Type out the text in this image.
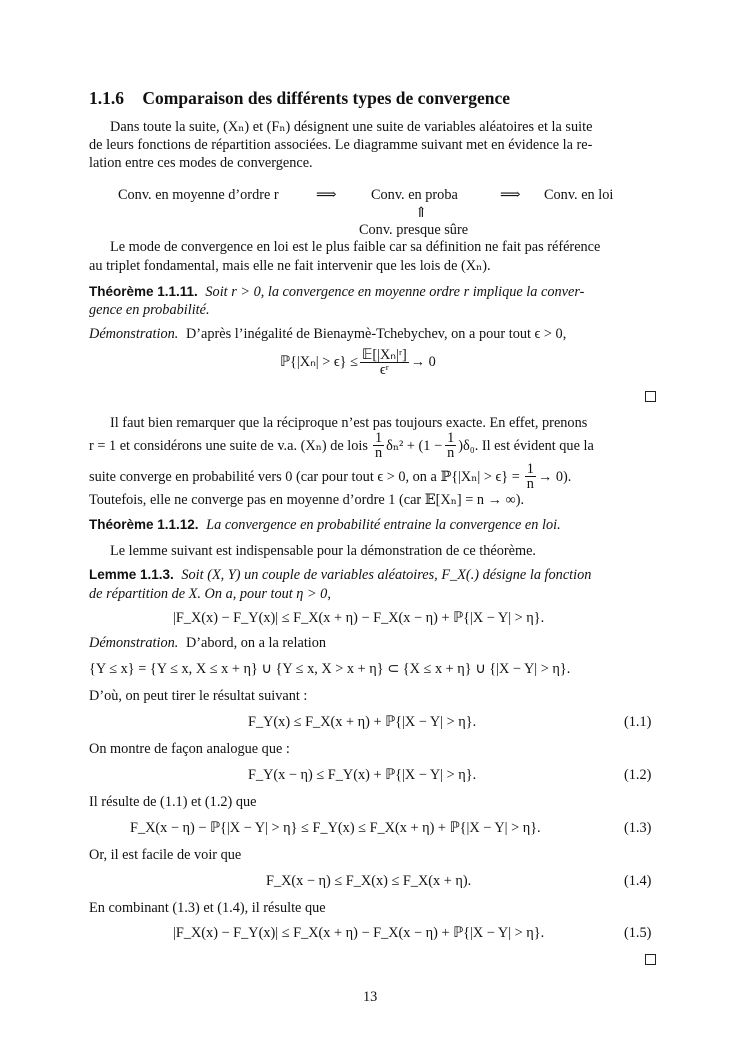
1.1.6 Comparaison des différents types de convergence
Dans toute la suite, (Xₙ) et (Fₙ) désignent une suite de variables aléatoires et la suite
de leurs fonctions de répartition associées. Le diagramme suivant met en évidence la re-
lation entre ces modes de convergence.
Conv. en moyenne d’ordre r	⟹ Conv. en proba	⟹ Conv. en loi
⇑
Conv. presque sûre
Le mode de convergence en loi est le plus faible car sa définition ne fait pas référence
au triplet fondamental, mais elle ne fait intervenir que les lois de (Xₙ).
Théorème 1.1.11. Soit r > 0, la convergence en moyenne ordre r implique la conver-
gence en probabilité.
Démonstration. D’après l’inégalité de Bienaymè-Tchebychev, on a pour tout ϵ > 0,
ℙ{|Xₙ| > $\epsilon\} \le \frac{\text{𝔼[|Xₙ|ʳ]}}{\text{ϵʳ}} \to 0$
Il faut bien remarquer que la réciproque n’est pas toujours exacte. En effet, prenons
r = 1 et considérons une suite de v.a. (Xₙ) de lois $\frac{1}{n} \delta_n^2 + (1 - \frac{1}{n} )\delta_0$. Il est évident que la
suite converge en probabilité vers 0 (car pour tout ϵ > 0, on a ℙ{|Xₙ| > $\epsilon\} = \frac{1}{n} \to 0$).
Toutefois, elle ne converge pas en moyenne d’ordre 1 (car 𝔼[Xₙ] = n → ∞).
Théorème 1.1.12. La convergence en probabilité entraine la convergence en loi.
Le lemme suivant est indispensable pour la démonstration de ce théorème.
Lemme 1.1.3. Soit (X, Y) un couple de variables aléatoires, F_X(.) désigne la fonction
de répartition de X. On a, pour tout η > 0,
|F_X(x) − F_Y(x)| ≤ F_X(x + η) − F_X(x − η) + ℙ{|X − Y| > η}.
Démonstration. D’abord, on a la relation
{Y ≤ x} = {Y ≤ x, X ≤ x + η} ∪ {Y ≤ x, X > x + η} ⊂ {X ≤ x + η} ∪ {|X − Y| > η}.
D’où, on peut tirer le résultat suivant :
F_Y(x) ≤ F_X(x + η) + ℙ{|X − Y| > η}.	(1.1)
On montre de façon analogue que :
F_Y(x − η) ≤ F_Y(x) + ℙ{|X − Y| > η}.	(1.2)
Il résulte de (1.1) et (1.2) que
F_X(x − η) − ℙ{|X − Y| > η} ≤ F_Y(x) ≤ F_X(x + η) + ℙ{|X − Y| > η}.	(1.3)
Or, il est facile de voir que
F_X(x − η) ≤ F_X(x) ≤ F_X(x + η).	(1.4)
En combinant (1.3) et (1.4), il résulte que
|F_X(x) − F_Y(x)| ≤ F_X(x + η) − F_X(x − η) + ℙ{|X − Y| > η}.	(1.5)
13
